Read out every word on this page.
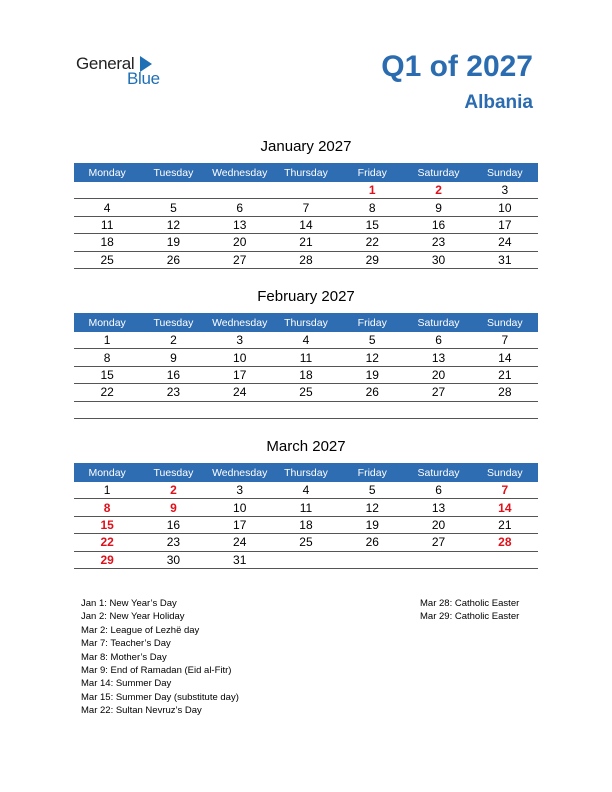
General
Blue	Q1 of 2027
Albania
January 2027
Monday	Tuesday	Wednesday	Thursday	Friday	Saturday	Sunday
				1	2	3
4	5	6	7	8	9	10
11	12	13	14	15	16	17
18	19	20	21	22	23	24
25	26	27	28	29	30	31
February 2027
Monday	Tuesday	Wednesday	Thursday	Friday	Saturday	Sunday
1	2	3	4	5	6	7
8	9	10	11	12	13	14
15	16	17	18	19	20	21
22	23	24	25	26	27	28

March 2027
Monday	Tuesday	Wednesday	Thursday	Friday	Saturday	Sunday
1	2	3	4	5	6	7
8	9	10	11	12	13	14
15	16	17	18	19	20	21
22	23	24	25	26	27	28
29	30	31				
Jan 1: New Year’s Day
Jan 2: New Year Holiday
Mar 2: League of Lezhë day
Mar 7: Teacher’s Day
Mar 8: Mother’s Day
Mar 9: End of Ramadan (Eid al-Fitr)
Mar 14: Summer Day
Mar 15: Summer Day (substitute day)
Mar 22: Sultan Nevruz’s Day
Mar 28: Catholic Easter
Mar 29: Catholic Easter
